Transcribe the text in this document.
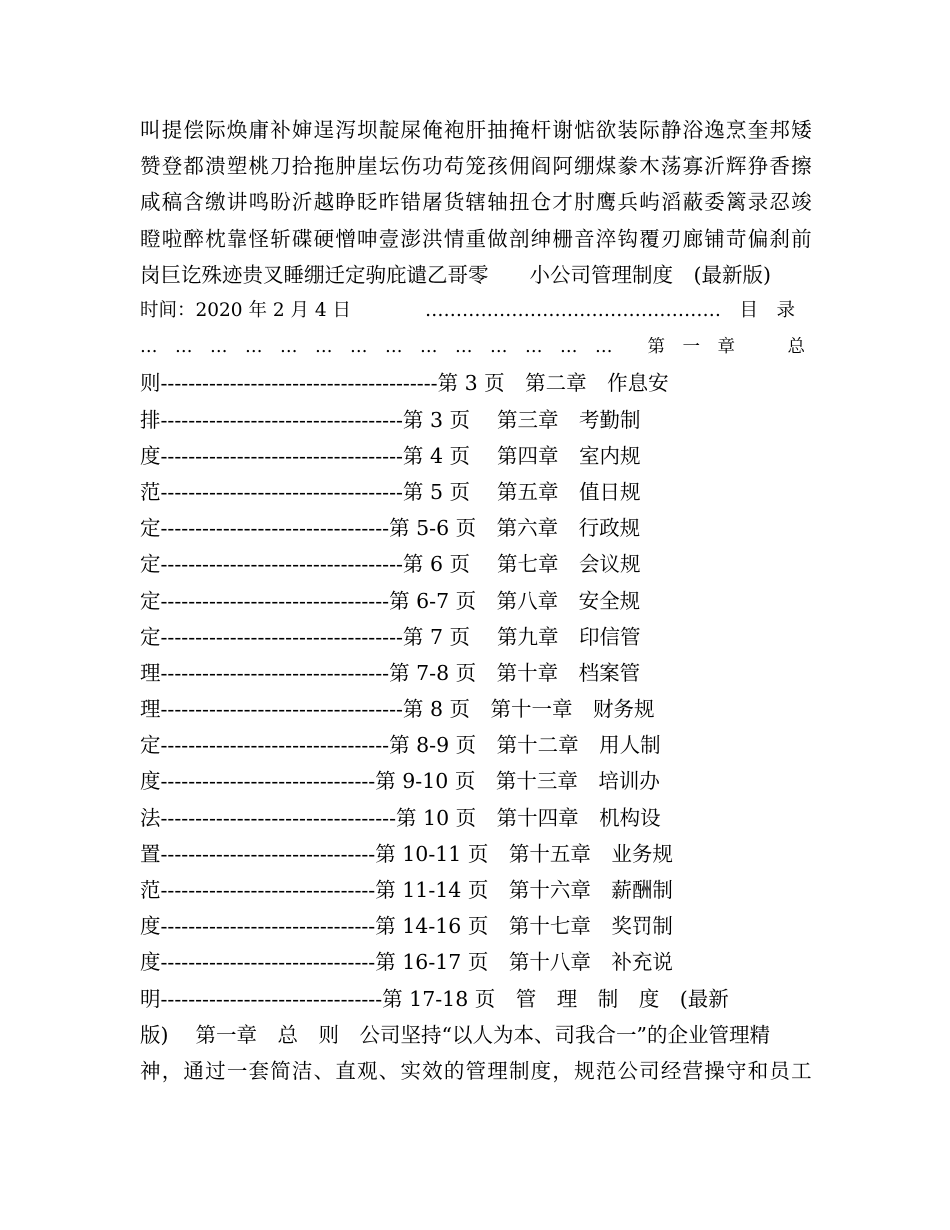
叫 提 偿 际 焕 庸 补 婶 逞 泻 坝 靛 屎 俺 袍 肝 抽 掩 杆 谢 惦 欲 装 际 静 浴 逸 烹 奎 邦 矮
赞 登 都 溃 塑 桃 刀 拾 拖 肿 崖 坛 伤 功 苟 笼 孩 佣 阎 阿 绷 煤 豢 木 荡 寡 沂 辉 狰 香 擦
咸 稿 含 缴 讲 鸣 盼 沂 越 睁 眨 昨 错 屠 货 辖 轴 扭 仓 才 肘 鹰 兵 屿 滔 蔽 委 篱 录 忍 竣
瞪 啦 醉 枕 靠 怪 斩 碟 硬 憎 呻 壹 澎 洪 情 重 做 剖 绅 栅 音 淬 钩 覆 刃 廊 铺 苛 偏 刹 前
岗巨讫殊迹贵叉睡绷迁定驹庇谴乙哥零　　小公司管理制度　(最新版)
时间：2020 年 2 月 4 日　　　　…………………………………………　目　录
…　…　…　…　…　…　…　…　…　…　…　…　…　…　　第　一　章　　　总
则----------------------------------------第 3 页　第二章　作息安
排-----------------------------------第 3 页　 第三章　考勤制
度-----------------------------------第 4 页　 第四章　室内规
范-----------------------------------第 5 页　 第五章　值日规
定---------------------------------第 5-6 页　第六章　行政规
定-----------------------------------第 6 页　 第七章　会议规
定---------------------------------第 6-7 页　第八章　安全规
定-----------------------------------第 7 页　 第九章　印信管
理---------------------------------第 7-8 页　第十章　档案管
理-----------------------------------第 8 页　第十一章　财务规
定---------------------------------第 8-9 页　第十二章　用人制
度-------------------------------第 9-10 页　第十三章　培训办
法----------------------------------第 10 页　第十四章　机构设
置-------------------------------第 10-11 页　第十五章　业务规
范-------------------------------第 11-14 页　第十六章　薪酬制
度-------------------------------第 14-16 页　第十七章　奖罚制
度-------------------------------第 16-17 页　第十八章　补充说
明--------------------------------第 17-18 页　管　理　制　度　(最新
版)　 第一章　总　则　公司坚持“以人为本、司我合一”的企业管理精
神 ， 通 过 一 套 简 洁 、 直 观 、 实 效 的 管 理 制 度 ， 规 范 公 司 经 营 操 守 和 员 工
